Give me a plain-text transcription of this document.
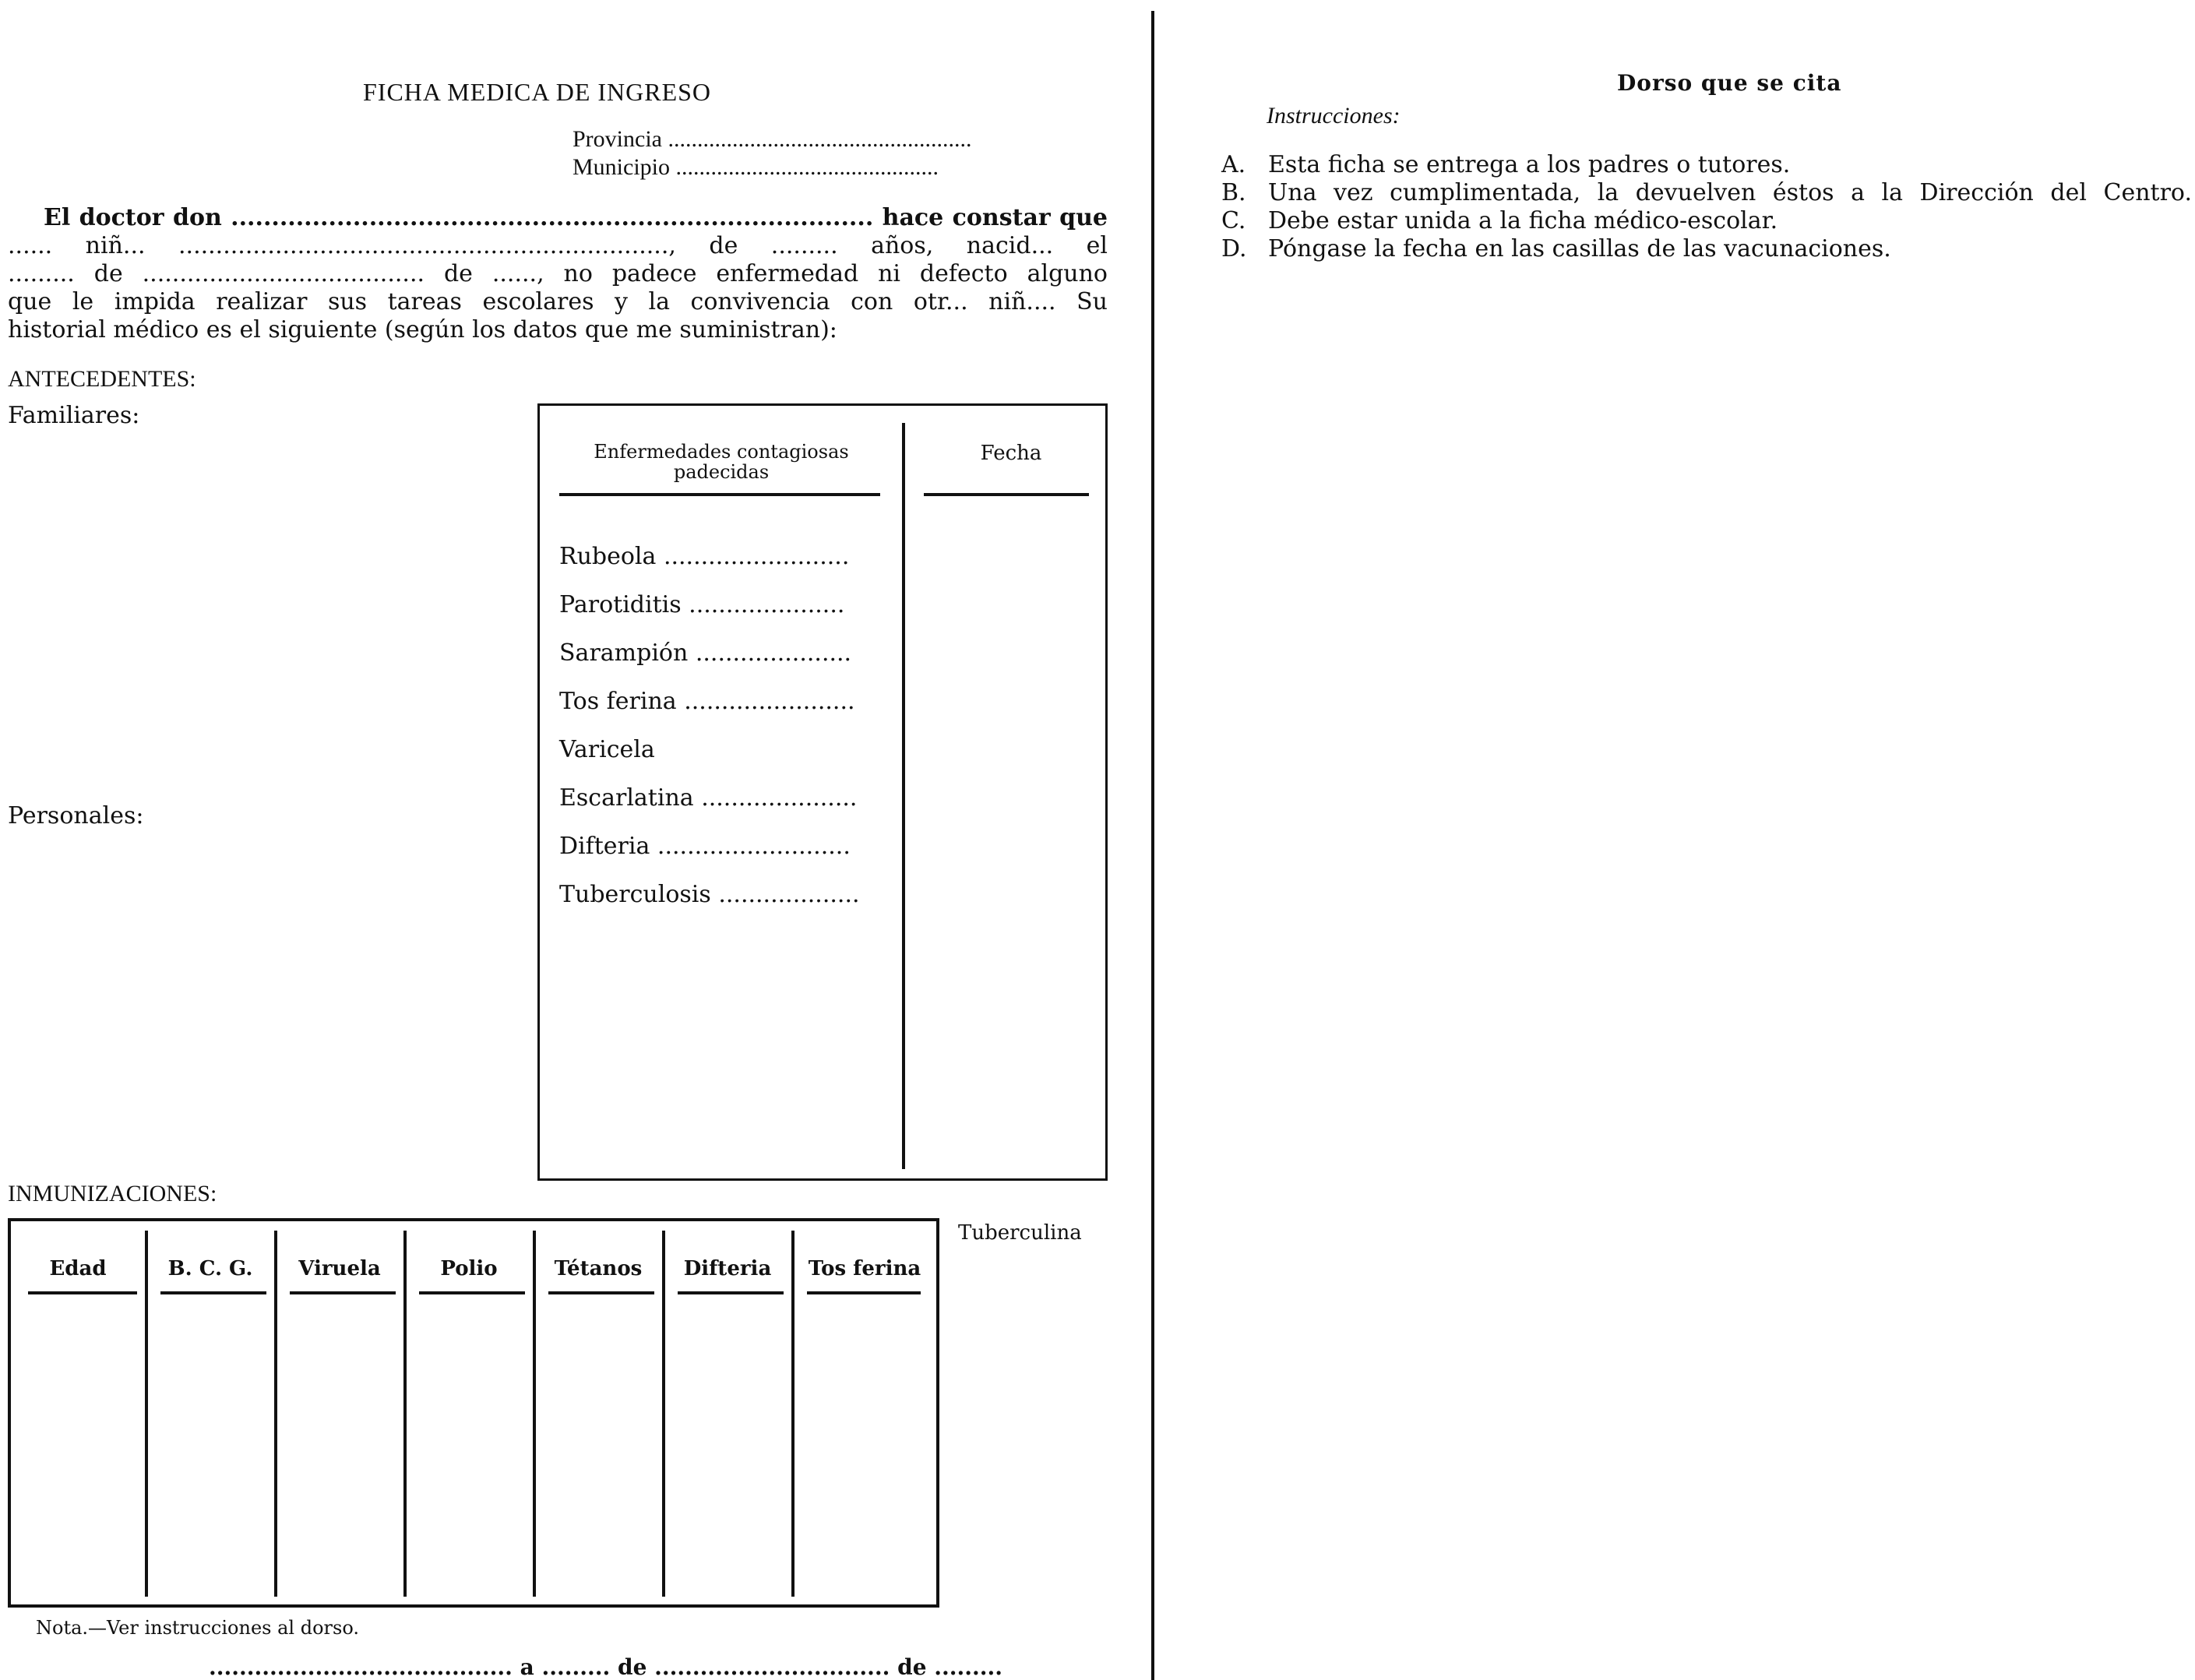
FICHA MEDICA DE INGRESO
Provincia ....................................................
Municipio .............................................
El doctor don ............................................................................... hace constar que
...... niñ... .................................................................., de ......... años, nacid... el
......... de ...................................... de ......, no padece enfermedad ni defecto alguno
que le impida realizar sus tareas escolares y la convivencia con otr... niñ.... Su
historial médico es el siguiente (según los datos que me suministran):
ANTECEDENTES:
Familiares:
Personales:
Enfermedades contagiosas padecidas
Fecha
Rubeola .........................
Parotiditis .....................
Sarampión .....................
Tos ferina .......................
Varicela
Escarlatina .....................
Difteria ..........................
Tuberculosis ...................
INMUNIZACIONES:
Edad	B. C. G.	Viruela	Polio	Tétanos	Difteria	Tos ferina
Tuberculina
Nota.—Ver instrucciones al dorso.
........................................ a ......... de ............................... de .........
Dorso que se cita
Instrucciones:
A. Esta ficha se entrega a los padres o tutores.
B. Una vez cumplimentada, la devuelven éstos a la Dirección del Centro.
C. Debe estar unida a la ficha médico-escolar.
D. Póngase la fecha en las casillas de las vacunaciones.
